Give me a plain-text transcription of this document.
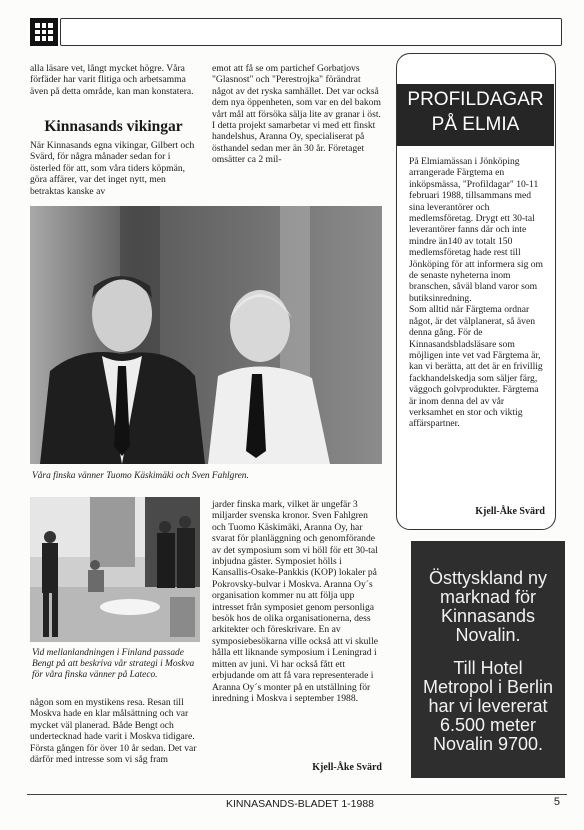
alla läsare vet, långt mycket högre. Våra förfäder har varit flitiga och arbetsamma även på detta område, kan man konstatera.

Kinnasands vikingar

När Kinnasands egna vikingar, Gilbert och Svärd, för några månader sedan for i österled för att, som våra tiders köpmän, göra affärer, var det inget nytt, men betraktas kanske av

emot att få se om partichef Gorbatjovs "Glasnost" och "Perestrojka" förändrat något av det ryska samhället. Det var också dem nya öppenheten, som var en del bakom vårt mål att försöka sälja lite av granar i öst.

I detta projekt samarbetar vi med ett finskt handelshus, Aranna Oy, specialiserat på östhandel sedan mer än 30 år. Företaget omsätter ca 2 mil-

Våra finska vänner Tuomo Käskimäki och Sven Fahlgren.
Vid mellanlandningen i Finland passade Bengt på att beskriva vår strategi i Moskva för våra finska vänner på Lateco.

någon som en mystikens resa. Resan till Moskva hade en klar målsättning och var mycket väl planerad. Både Bengt och undertecknad hade varit i Moskva tidigare. Första gången för över 10 år sedan. Det var därför med intresse som vi såg fram

jarder finska mark, vilket är ungefär 3 miljarder svenska kronor. Sven Fahlgren och Tuomo Käskimäki, Aranna Oy, har svarat för planläggning och genomförande av det symposium som vi höll för ett 30-tal inbjudna gäster. Symposiet hölls i Kansallis-Osake-Pankkis (KOP) lokaler på Pokrovsky-bulvar i Moskva. Aranna Oy´s organisation kommer nu att följa upp intresset från symposiet genom personliga besök hos de olika organisationerna, dess arkitekter och föreskrivare. En av symposiebesökarna ville också att vi skulle hålla ett liknande symposium i Leningrad i mitten av juni. Vi har också fått ett erbjudande om att få vara representerade i Aranna Oy´s monter på en utställning för inredning i Moskva i september 1988.

Kjell-Åke Svärd
PROFILDAGAR
PÅ ELMIA

På Elmiamässan i Jönköping arrangerade Färgtema en inköpsmässa, "Profildagar" 10-11 februari 1988, tillsammans med sina leverantörer och medlemsföretag. Drygt ett 30-tal leverantörer fanns där och inte mindre än140 av totalt 150 medlemsföretag hade rest till Jönköping för att informera sig om de senaste nyheterna inom branschen, såväl bland varor som butiksinredning.

Som alltid när Färgtema ordnar något, är det välplanerat, så även denna gång. För de Kinnasandsbladsläsare som möjligen inte vet vad Färgtema är, kan vi berätta, att det är en frivillig fackhandelskedja som säljer färg, väggoch golvprodukter. Färgtema är inom denna del av vår verksamhet en stor och viktig affärspartner.

Kjell-Åke Svärd
Östtyskland ny marknad för Kinnasands Novalin.
Till Hotel Metropol i Berlin har vi levererat 6.500 meter Novalin 9700.
KINNASANDS-BLADET 1-1988	5
